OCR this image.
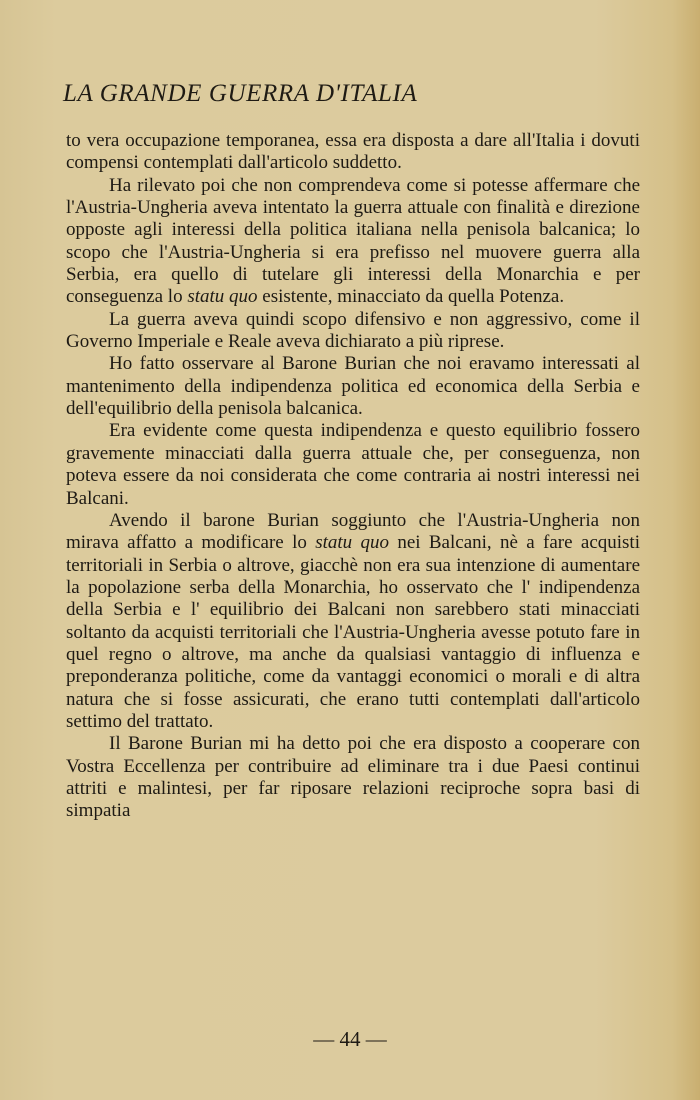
LA GRANDE GUERRA D'ITALIA

to vera occupazione temporanea, essa era disposta a dare all'Italia i dovuti compensi contemplati dall'articolo suddetto.

Ha rilevato poi che non comprendeva come si potesse affermare che l'Austria-Ungheria aveva intentato la guerra attuale con finalità e direzione opposte agli interessi della politica italiana nella penisola balcanica; lo scopo che l'Austria-Ungheria si era prefisso nel muovere guerra alla Serbia, era quello di tutelare gli interessi della Monarchia e per conseguenza lo statu quo esistente, minacciato da quella Potenza.

La guerra aveva quindi scopo difensivo e non aggressivo, come il Governo Imperiale e Reale aveva dichiarato a più riprese.

Ho fatto osservare al Barone Burian che noi eravamo interessati al mantenimento della indipendenza politica ed economica della Serbia e dell'equilibrio della penisola balcanica.

Era evidente come questa indipendenza e questo equilibrio fossero gravemente minacciati dalla guerra attuale che, per conseguenza, non poteva essere da noi considerata che come contraria ai nostri interessi nei Balcani.

Avendo il barone Burian soggiunto che l'Austria-Ungheria non mirava affatto a modificare lo statu quo nei Balcani, nè a fare acquisti territoriali in Serbia o altrove, giacchè non era sua intenzione di aumentare la popolazione serba della Monarchia, ho osservato che l' indipendenza della Serbia e l' equilibrio dei Balcani non sarebbero stati minacciati soltanto da acquisti territoriali che l'Austria-Ungheria avesse potuto fare in quel regno o altrove, ma anche da qualsiasi vantaggio di influenza e preponderanza politiche, come da vantaggi economici o morali e di altra natura che si fosse assicurati, che erano tutti contemplati dall'articolo settimo del trattato.

Il Barone Burian mi ha detto poi che era disposto a cooperare con Vostra Eccellenza per contribuire ad eliminare tra i due Paesi continui attriti e malintesi, per far riposare relazioni reciproche sopra basi di simpatia

— 44 —
